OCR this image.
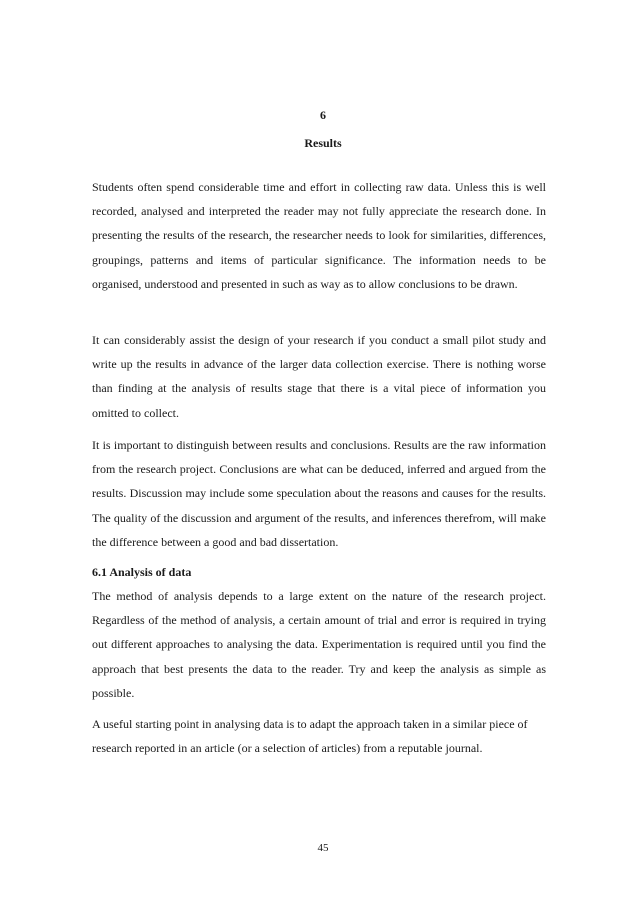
6
Results

Students often spend considerable time and effort in collecting raw data. Unless this is well recorded, analysed and interpreted the reader may not fully appreciate the research done. In presenting the results of the research, the researcher needs to look for similarities, differences, groupings, patterns and items of particular significance. The information needs to be organised, understood and presented in such as way as to allow conclusions to be drawn.

It can considerably assist the design of your research if you conduct a small pilot study and write up the results in advance of the larger data collection exercise. There is nothing worse than finding at the analysis of results stage that there is a vital piece of information you omitted to collect.

It is important to distinguish between results and conclusions. Results are the raw information from the research project. Conclusions are what can be deduced, inferred and argued from the results. Discussion may include some speculation about the reasons and causes for the results. The quality of the discussion and argument of the results, and inferences therefrom, will make the difference between a good and bad dissertation.

6.1 Analysis of data

The method of analysis depends to a large extent on the nature of the research project. Regardless of the method of analysis, a certain amount of trial and error is required in trying out different approaches to analysing the data. Experimentation is required until you find the approach that best presents the data to the reader. Try and keep the analysis as simple as possible.

A useful starting point in analysing data is to adapt the approach taken in a similar piece of research reported in an article (or a selection of articles) from a reputable journal.

45
